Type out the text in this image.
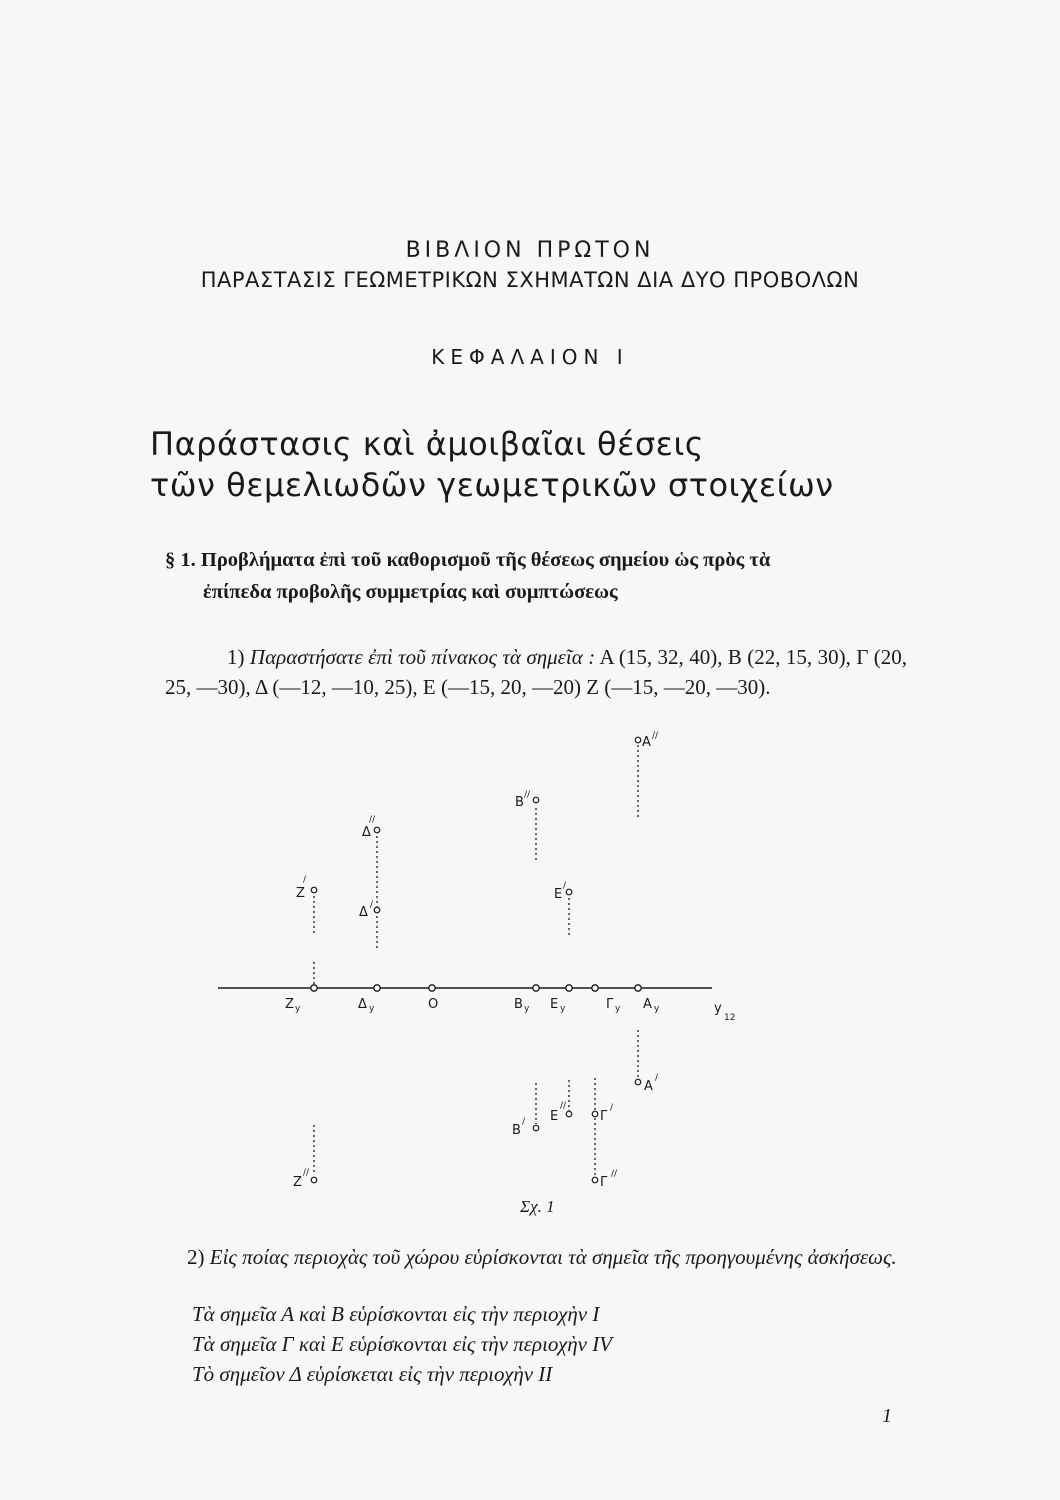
ΒΙΒΛΙΟΝ ΠΡΩΤΟΝ
ΠΑΡΑΣΤΑΣΙΣ ΓΕΩΜΕΤΡΙΚΩΝ ΣΧΗΜΑΤΩΝ ΔΙΑ ΔΥΟ ΠΡΟΒΟΛΩΝ
ΚΕΦΑΛΑΙΟΝ Ι
Παράστασις καὶ ἀμοιβαῖαι θέσεις
τῶν θεμελιωδῶν γεωμετρικῶν στοιχείων
§ 1. Προβλήματα ἐπὶ τοῦ καθορισμοῦ τῆς θέσεως σημείου ὡς πρὸς τὰ
ἐπίπεδα προβολῆς συμμετρίας καὶ συμπτώσεως
1) Παραστήσατε ἐπὶ τοῦ πίνακος τὰ σημεῖα : Α (15, 32, 40), Β (22, 15, 30), Γ (20, 25, —30), Δ (—12, —10, 25), Ε (—15, 20, —20) Ζ (—15, —20, —30).
Z y	Δ y	O	B y E y	Γ y A y	y
12
A //
B //
Δ
//
Z
/
Δ /
E
/
A
/
E
//
Γ
/
B
/
Z
//
Γ
//
Σχ. 1
2) Εἰς ποίας περιοχὰς τοῦ χώρου εὑρίσκονται τὰ σημεῖα τῆς προηγουμένης ἀσκήσεως.
Τὰ σημεῖα Α καὶ Β εὑρίσκονται εἰς τὴν περιοχὴν Ι
Τὰ σημεῖα Γ καὶ Ε εὑρίσκονται εἰς τὴν περιοχὴν IV
Τὸ σημεῖον Δ εὑρίσκεται εἰς τὴν περιοχὴν ΙΙ
1
